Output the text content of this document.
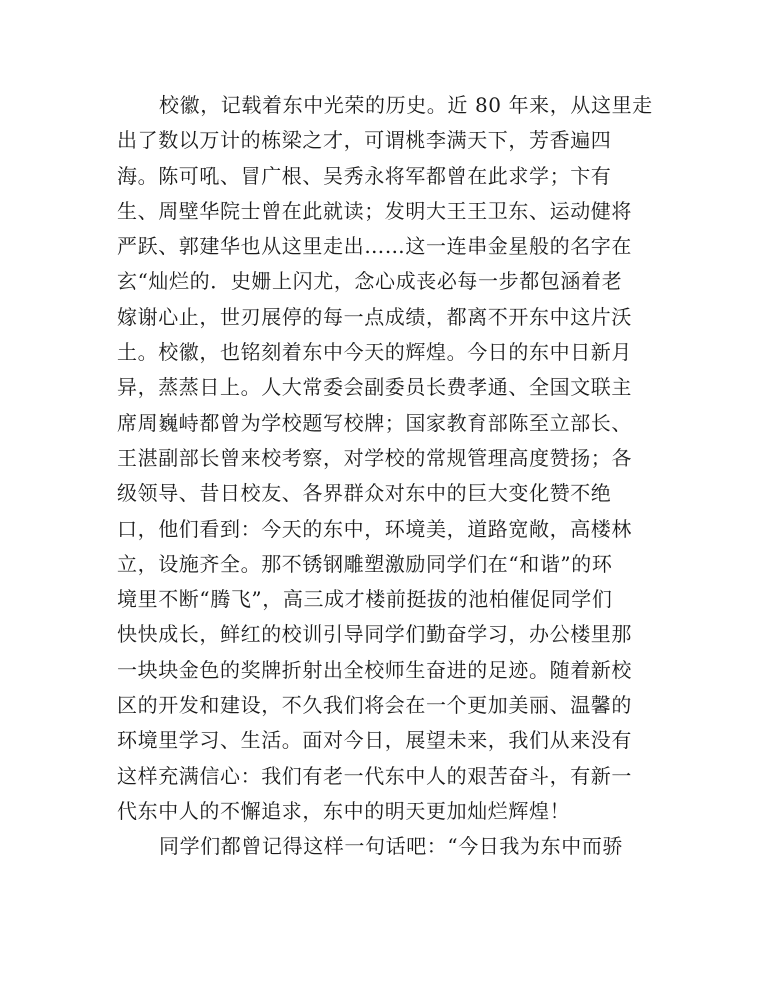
校徽，记载着东中光荣的历史。近 80 年来，从这里走
出了数以万计的栋梁之才，可谓桃李满天下，芳香遍四
海。陈可吼、冒广根、吴秀永将军都曾在此求学；卞有
生、周壁华院士曾在此就读；发明大王王卫东、运动健将
严跃、郭建华也从这里走出……这一连串金星般的名字在
玄“灿烂的．史姗上闪尤，念心成丧必每一步都包涵着老
嫁谢心止，世刃展停的每一点成绩，都离不开东中这片沃
土。校徽，也铭刻着东中今天的辉煌。今日的东中日新月
异，蒸蒸日上。人大常委会副委员长费孝通、全国文联主
席周巍峙都曾为学校题写校牌；国家教育部陈至立部长、
王湛副部长曾来校考察，对学校的常规管理高度赞扬；各
级领导、昔日校友、各界群众对东中的巨大变化赞不绝
口，他们看到：今天的东中，环境美，道路宽敞，高楼林
立，设施齐全。那不锈钢雕塑激励同学们在“和谐”的环
境里不断“腾飞”，高三成才楼前挺拔的池柏催促同学们
快快成长，鲜红的校训引导同学们勤奋学习，办公楼里那
一块块金色的奖牌折射出全校师生奋进的足迹。随着新校
区的开发和建设，不久我们将会在一个更加美丽、温馨的
环境里学习、生活。面对今日，展望未来，我们从来没有
这样充满信心：我们有老一代东中人的艰苦奋斗，有新一
代东中人的不懈追求，东中的明天更加灿烂辉煌！
同学们都曾记得这样一句话吧：“今日我为东中而骄
